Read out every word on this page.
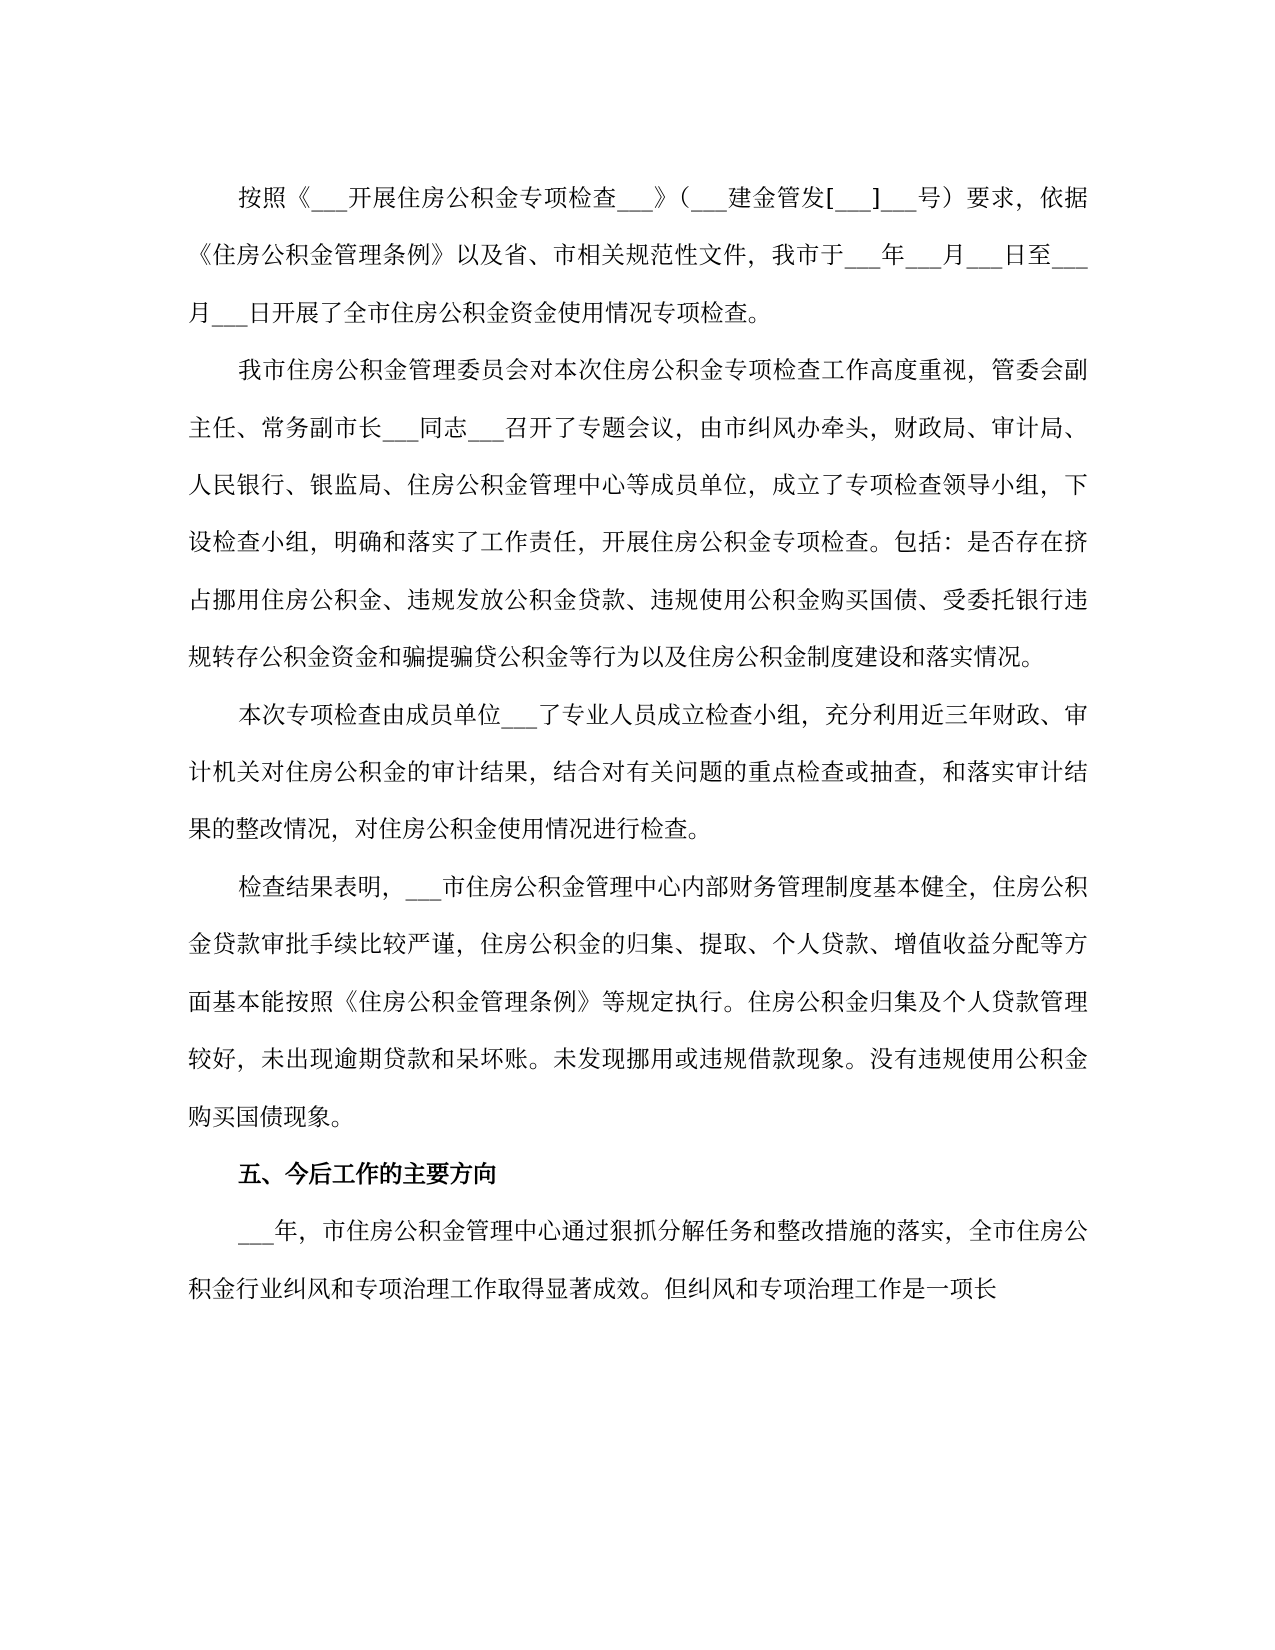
按照《___开展住房公积金专项检查___》（___建金管发[___]___号）要求，依据《住房公积金管理条例》以及省、市相关规范性文件，我市于___年___月___日至___月___日开展了全市住房公积金资金使用情况专项检查。

我市住房公积金管理委员会对本次住房公积金专项检查工作高度重视，管委会副主任、常务副市长___同志___召开了专题会议，由市纠风办牵头，财政局、审计局、人民银行、银监局、住房公积金管理中心等成员单位，成立了专项检查领导小组，下设检查小组，明确和落实了工作责任，开展住房公积金专项检查。包括：是否存在挤占挪用住房公积金、违规发放公积金贷款、违规使用公积金购买国债、受委托银行违规转存公积金资金和骗提骗贷公积金等行为以及住房公积金制度建设和落实情况。

本次专项检查由成员单位___了专业人员成立检查小组，充分利用近三年财政、审计机关对住房公积金的审计结果，结合对有关问题的重点检查或抽查，和落实审计结果的整改情况，对住房公积金使用情况进行检查。

检查结果表明，___市住房公积金管理中心内部财务管理制度基本健全，住房公积金贷款审批手续比较严谨，住房公积金的归集、提取、个人贷款、增值收益分配等方面基本能按照《住房公积金管理条例》等规定执行。住房公积金归集及个人贷款管理较好，未出现逾期贷款和呆坏账。未发现挪用或违规借款现象。没有违规使用公积金购买国债现象。

五、今后工作的主要方向

___年，市住房公积金管理中心通过狠抓分解任务和整改措施的落实，全市住房公积金行业纠风和专项治理工作取得显著成效。但纠风和专项治理工作是一项长
